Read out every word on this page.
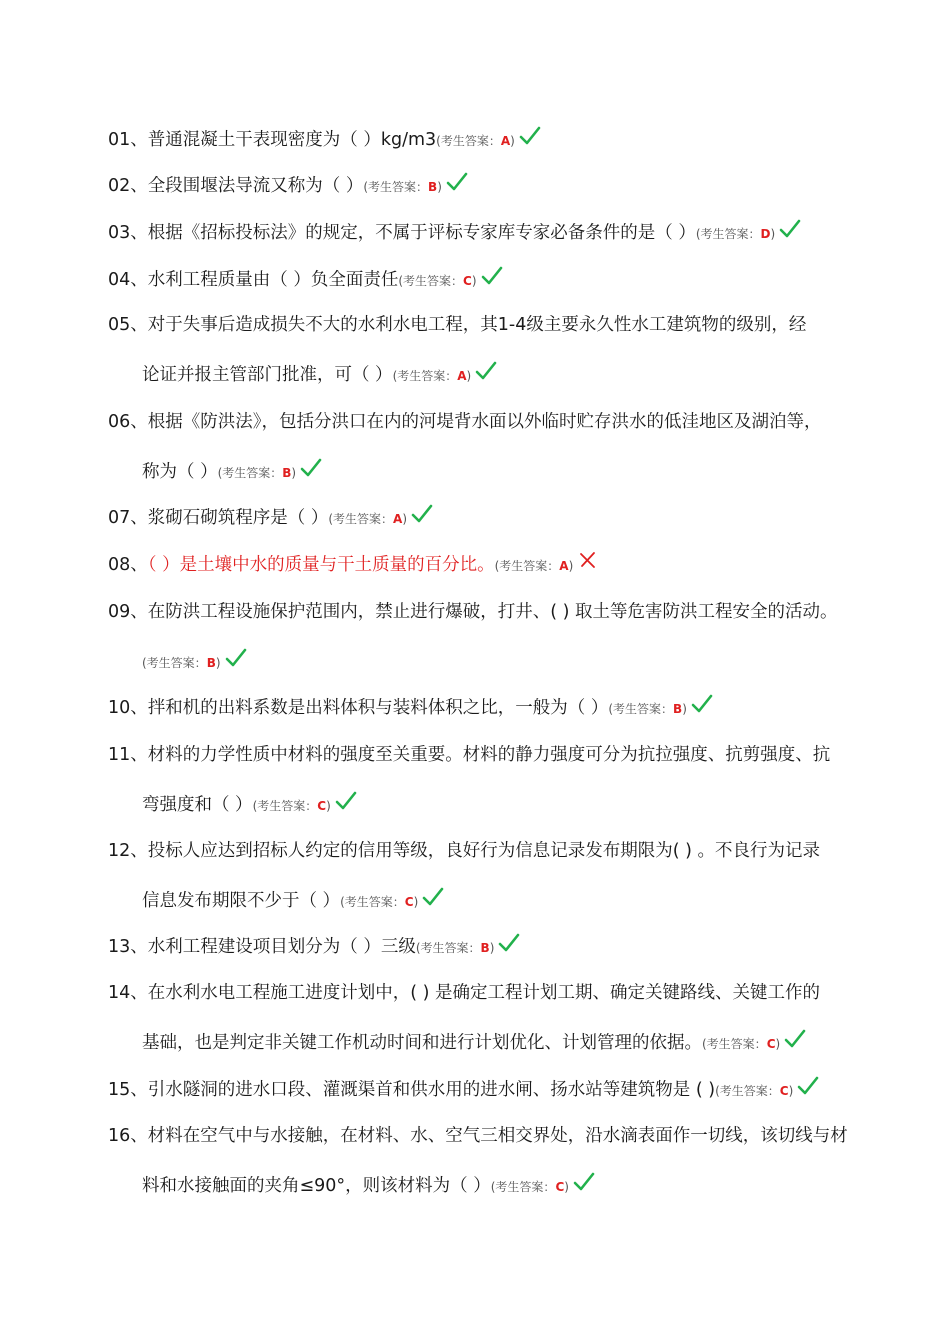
01、普通混凝土干表现密度为（ ）kg/m3(考生答案：A)
02、全段围堰法导流又称为（ ）(考生答案：B)
03、根据《招标投标法》的规定，不属于评标专家库专家必备条件的是（ ）(考生答案：D)
04、水利工程质量由（ ）负全面责任(考生答案：C)
05、对于失事后造成损失不大的水利水电工程，其1-4级主要永久性水工建筑物的级别，经
论证并报主管部门批准，可（ ）(考生答案：A)
06、根据《防洪法》，包括分洪口在内的河堤背水面以外临时贮存洪水的低洼地区及湖泊等，
称为（ ）(考生答案：B)
07、浆砌石砌筑程序是（ ）(考生答案：A)
08、（ ）是土壤中水的质量与干土质量的百分比。(考生答案：A)
09、在防洪工程设施保护范围内，禁止进行爆破，打井、( ) 取土等危害防洪工程安全的活动。
(考生答案：B)
10、拌和机的出料系数是出料体积与装料体积之比，一般为（ ）(考生答案：B)
11、材料的力学性质中材料的强度至关重要。材料的静力强度可分为抗拉强度、抗剪强度、抗
弯强度和（ ）(考生答案：C)
12、投标人应达到招标人约定的信用等级，良好行为信息记录发布期限为( ) 。不良行为记录
信息发布期限不少于（ ）(考生答案：C)
13、水利工程建设项目划分为（ ）三级(考生答案：B)
14、在水利水电工程施工进度计划中，( ) 是确定工程计划工期、确定关键路线、关键工作的
基础，也是判定非关键工作机动时间和进行计划优化、计划管理的依据。(考生答案：C)
15、引水隧洞的进水口段、灌溉渠首和供水用的进水闸、扬水站等建筑物是 ( )(考生答案：C)
16、材料在空气中与水接触，在材料、水、空气三相交界处，沿水滴表面作一切线，该切线与材
料和水接触面的夹角≤90°，则该材料为（ ）(考生答案：C)
